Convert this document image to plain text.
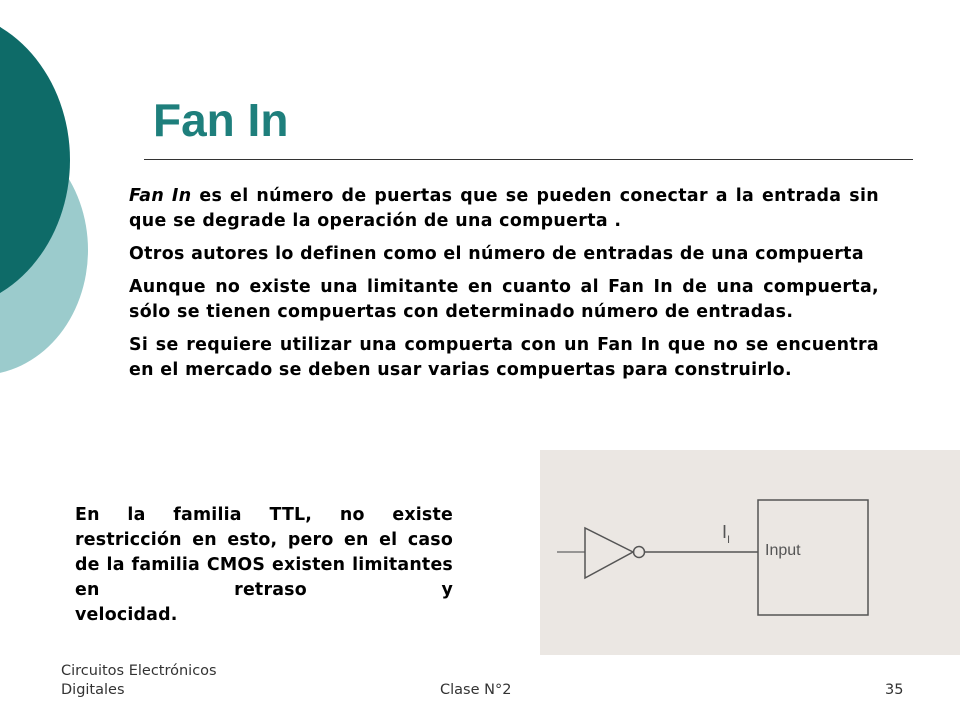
Fan In

Fan In es el número de puertas que se pueden conectar a la entrada sin que se degrade la operación de una compuerta .

Otros autores lo definen como el número de entradas de una compuerta

Aunque no existe una limitante en cuanto al Fan In de una compuerta, sólo se tienen compuertas con determinado número de entradas.

Si se requiere utilizar una compuerta con un Fan In que no se encuentra en el mercado se deben usar varias compuertas para construirlo.

En la familia TTL, no existe restricción en esto, pero en el caso de la familia CMOS existen limitantes en retraso y
velocidad.
$I_I$
Input
Circuitos Electrónicos Digitales	Clase N°2	35
